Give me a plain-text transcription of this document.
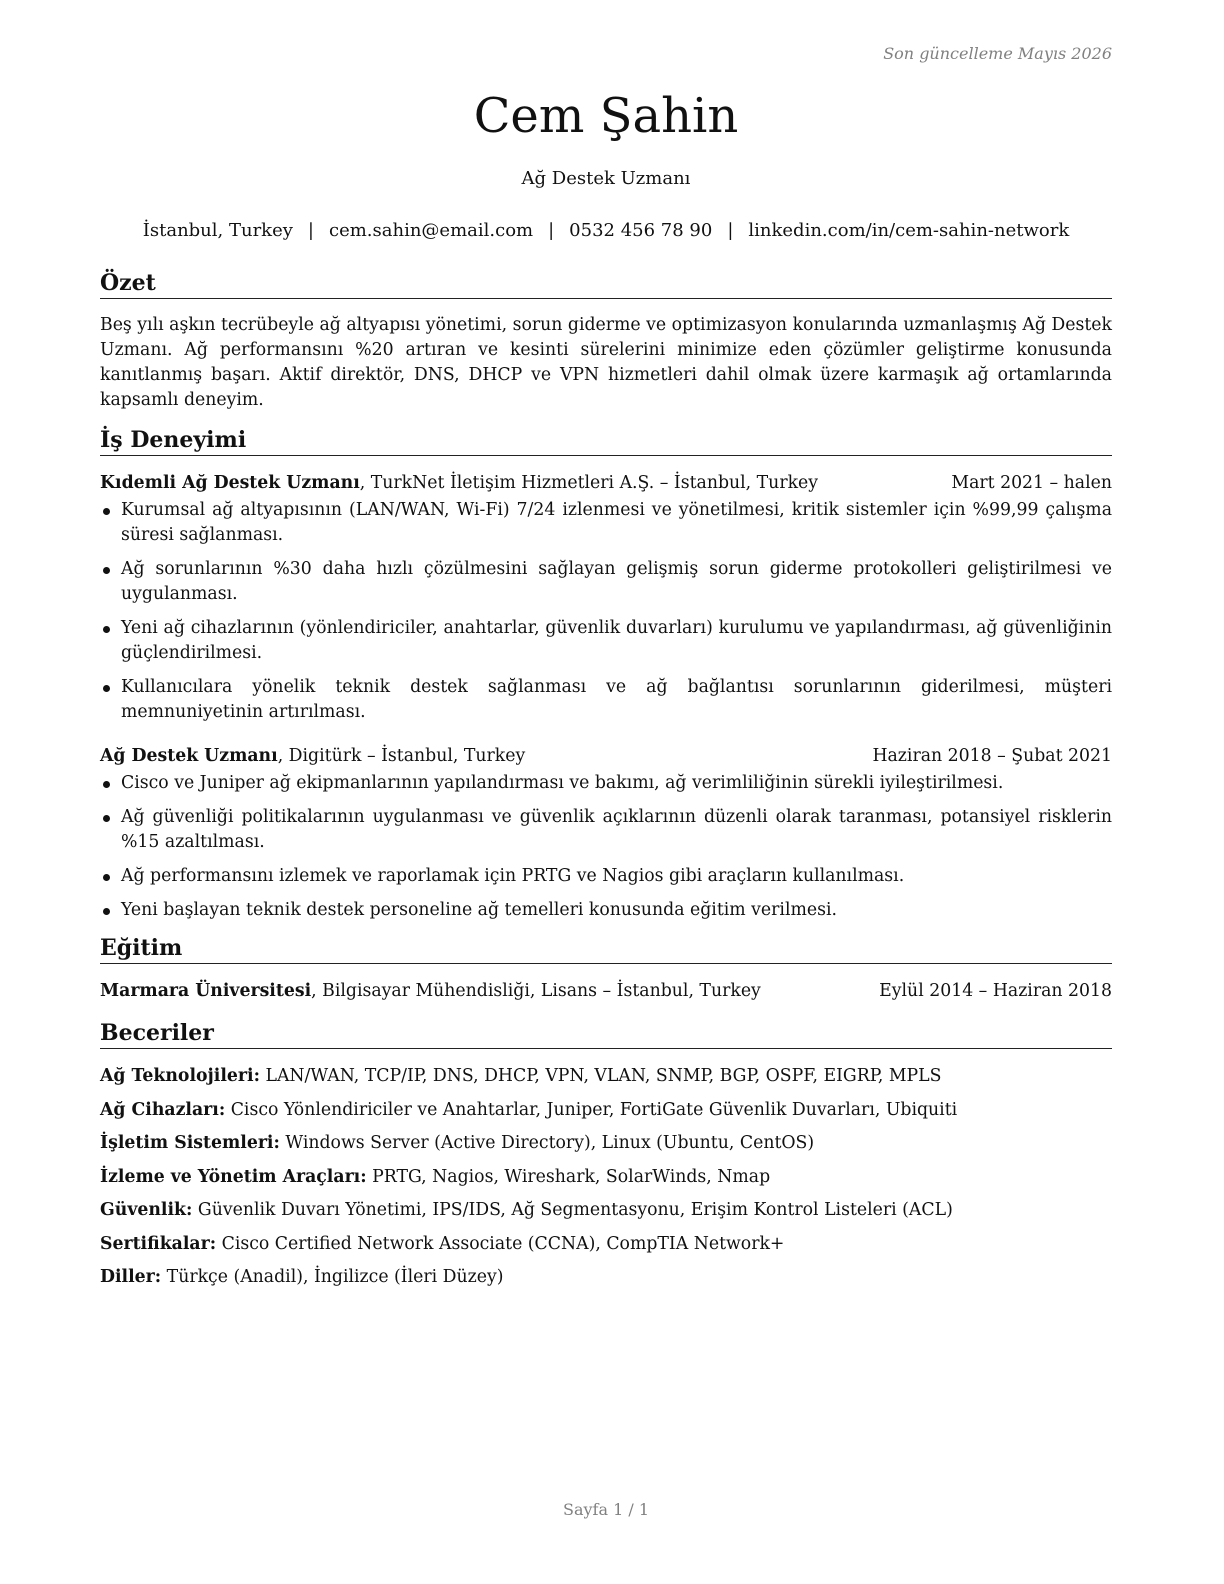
Son güncelleme Mayıs 2026
Cem Şahin
Ağ Destek Uzmanı
İstanbul, Turkey | cem.sahin@email.com | 0532 456 78 90 | linkedin.com/in/cem-sahin-network
Özet

Beş yılı aşkın tecrübeyle ağ altyapısı yönetimi, sorun giderme ve optimizasyon konularında uzmanlaşmış Ağ Destek Uzmanı. Ağ performansını %20 artıran ve kesinti sürelerini minimize eden çözümler geliştirme konusunda kanıtlanmış başarı. Aktif direktör, DNS, DHCP ve VPN hizmetleri dahil olmak üzere karmaşık ağ ortamlarında kapsamlı deneyim.

İş Deneyimi
Kıdemli Ağ Destek Uzmanı, TurkNet İletişim Hizmetleri A.Ş. – İstanbul, Turkey	Mart 2021 – halen
Kurumsal ağ altyapısının (LAN/WAN, Wi-Fi) 7/24 izlenmesi ve yönetilmesi, kritik sistemler için %99,99 çalışma süresi sağlanması.
Ağ sorunlarının %30 daha hızlı çözülmesini sağlayan gelişmiş sorun giderme protokolleri geliştirilmesi ve uygulanması.
Yeni ağ cihazlarının (yönlendiriciler, anahtarlar, güvenlik duvarları) kurulumu ve yapılandırması, ağ güvenliğinin güçlendirilmesi.
Kullanıcılara yönelik teknik destek sağlanması ve ağ bağlantısı sorunlarının giderilmesi, müşteri memnuniyetinin artırılması.
Ağ Destek Uzmanı, Digitürk – İstanbul, Turkey	Haziran 2018 – Şubat 2021
Cisco ve Juniper ağ ekipmanlarının yapılandırması ve bakımı, ağ verimliliğinin sürekli iyileştirilmesi.
Ağ güvenliği politikalarının uygulanması ve güvenlik açıklarının düzenli olarak taranması, potansiyel risklerin %15 azaltılması.
Ağ performansını izlemek ve raporlamak için PRTG ve Nagios gibi araçların kullanılması.
Yeni başlayan teknik destek personeline ağ temelleri konusunda eğitim verilmesi.
Eğitim
Marmara Üniversitesi, Bilgisayar Mühendisliği, Lisans – İstanbul, Turkey	Eylül 2014 – Haziran 2018
Beceriler
Ağ Teknolojileri: LAN/WAN, TCP/IP, DNS, DHCP, VPN, VLAN, SNMP, BGP, OSPF, EIGRP, MPLS
Ağ Cihazları: Cisco Yönlendiriciler ve Anahtarlar, Juniper, FortiGate Güvenlik Duvarları, Ubiquiti
İşletim Sistemleri: Windows Server (Active Directory), Linux (Ubuntu, CentOS)
İzleme ve Yönetim Araçları: PRTG, Nagios, Wireshark, SolarWinds, Nmap
Güvenlik: Güvenlik Duvarı Yönetimi, IPS/IDS, Ağ Segmentasyonu, Erişim Kontrol Listeleri (ACL)
Sertifikalar: Cisco Certified Network Associate (CCNA), CompTIA Network+
Diller: Türkçe (Anadil), İngilizce (İleri Düzey)
Sayfa 1 / 1
